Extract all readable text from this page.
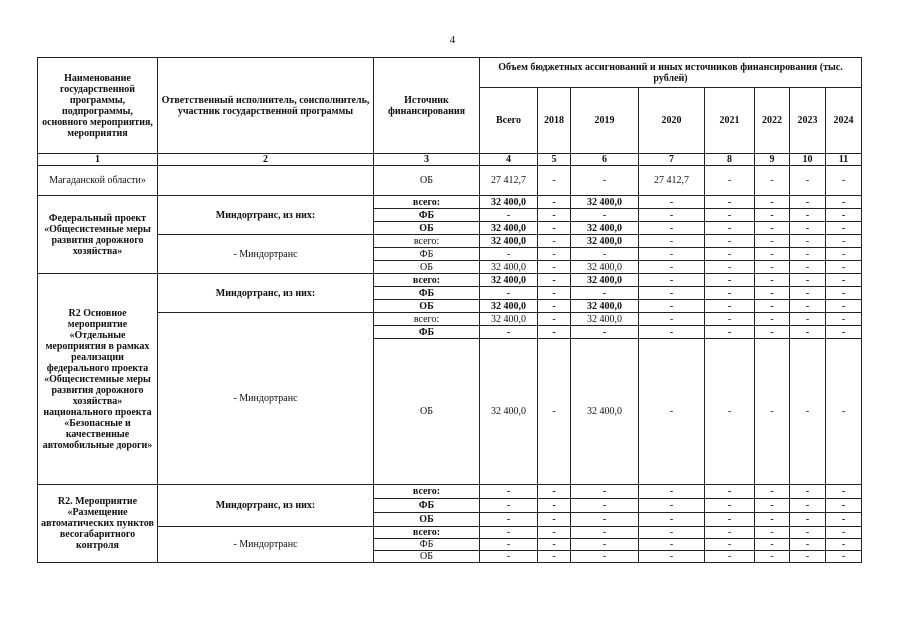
4
Наименование государственной программы, подпрограммы, основного мероприятия, мероприятия	Ответственный исполнитель, соисполнитель, участник государственной программы	Источник финансирования	Объем бюджетных ассигнований и иных источников финансирования (тыс. рублей)							
			Всего	2018	2019	2020	2021	2022	2023	2024
1	2	3	4	5	6	7	8	9	10	11
Магаданской области»		ОБ	27 412,7	-	-	27 412,7	-	-	-	-
Федеральный проект «Общесистемные меры развития дорожного хозяйства»	Миндортранс, из них:	всего:	32 400,0	-	32 400,0	-	-	-	-	-
		ФБ	-	-	-	-	-	-	-	-
		ОБ	32 400,0	-	32 400,0	-	-	-	-	-
	- Миндортранс	всего:	32 400,0	-	32 400,0	-	-	-	-	-
		ФБ	-	-	-	-	-	-	-	-
		ОБ	32 400,0	-	32 400,0	-	-	-	-	-
R2 Основное мероприятие «Отдельные мероприятия в рамках реализации федерального проекта «Общесистемные меры развития дорожного хозяйства» национального проекта «Безопасные и качественные автомобильные дороги»	Миндортранс, из них:	всего:	32 400,0	-	32 400,0	-	-	-	-	-
		ФБ	-	-	-	-	-	-	-	-
		ОБ	32 400,0	-	32 400,0	-	-	-	-	-
	- Миндортранс	всего:	32 400,0	-	32 400,0	-	-	-	-	-
		ФБ	-	-	-	-	-	-	-	-
		ОБ	32 400,0	-	32 400,0	-	-	-	-	-
R2. Мероприятие «Размещение автоматических пунктов весогабаритного контроля	Миндортранс, из них:	всего:	-	-	-	-	-	-	-	-
		ФБ	-	-	-	-	-	-	-	-
		ОБ	-	-	-	-	-	-	-	-
	- Миндортранс	всего:	-	-	-	-	-	-	-	-
		ФБ	-	-	-	-	-	-	-	-
		ОБ	-	-	-	-	-	-	-	-
